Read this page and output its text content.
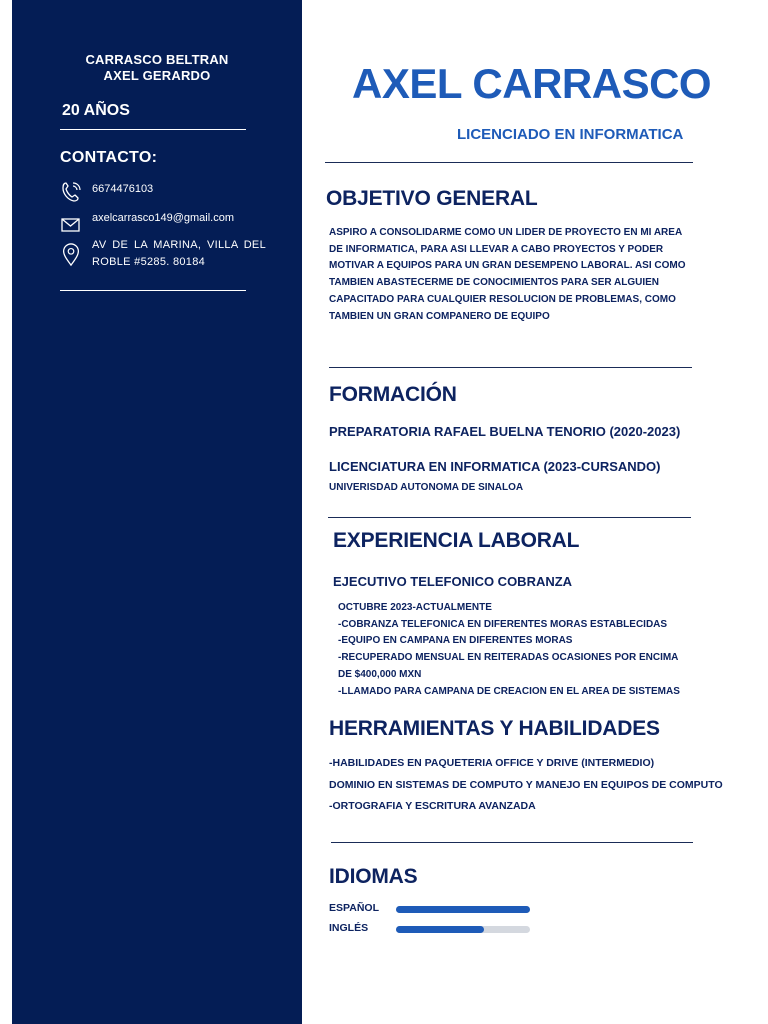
CARRASCO BELTRAN AXEL GERARDO
20 AÑOS
CONTACTO:
6674476103
axelcarrasco149@gmail.com
AV DE LA MARINA, VILLA DEL ROBLE #5285. 80184
AXEL CARRASCO
LICENCIADO EN INFORMATICA
OBJETIVO GENERAL
ASPIRO A CONSOLIDARME COMO UN LIDER DE PROYECTO EN MI AREA DE INFORMATICA, PARA ASI LLEVAR A CABO PROYECTOS Y PODER MOTIVAR A EQUIPOS PARA UN GRAN DESEMPENO LABORAL. ASI COMO TAMBIEN ABASTECERME DE CONOCIMIENTOS PARA SER ALGUIEN CAPACITADO PARA CUALQUIER RESOLUCION DE PROBLEMAS, COMO TAMBIEN UN GRAN COMPANERO DE EQUIPO
FORMACIÓN
PREPARATORIA RAFAEL BUELNA TENORIO (2020-2023)
LICENCIATURA EN INFORMATICA (2023-CURSANDO)
UNIVERISDAD AUTONOMA DE SINALOA
EXPERIENCIA LABORAL
EJECUTIVO TELEFONICO COBRANZA
OCTUBRE 2023-ACTUALMENTE
-COBRANZA TELEFONICA EN DIFERENTES MORAS ESTABLECIDAS
-EQUIPO EN CAMPANA EN DIFERENTES MORAS
-RECUPERADO MENSUAL EN REITERADAS OCASIONES POR ENCIMA
DE $400,000 MXN
-LLAMADO PARA CAMPANA DE CREACION EN EL AREA DE SISTEMAS
HERRAMIENTAS Y HABILIDADES
-HABILIDADES EN PAQUETERIA OFFICE Y DRIVE (INTERMEDIO)
DOMINIO EN SISTEMAS DE COMPUTO Y MANEJO EN EQUIPOS DE COMPUTO
-ORTOGRAFIA Y ESCRITURA AVANZADA
IDIOMAS
ESPAÑOL
INGLÉS
